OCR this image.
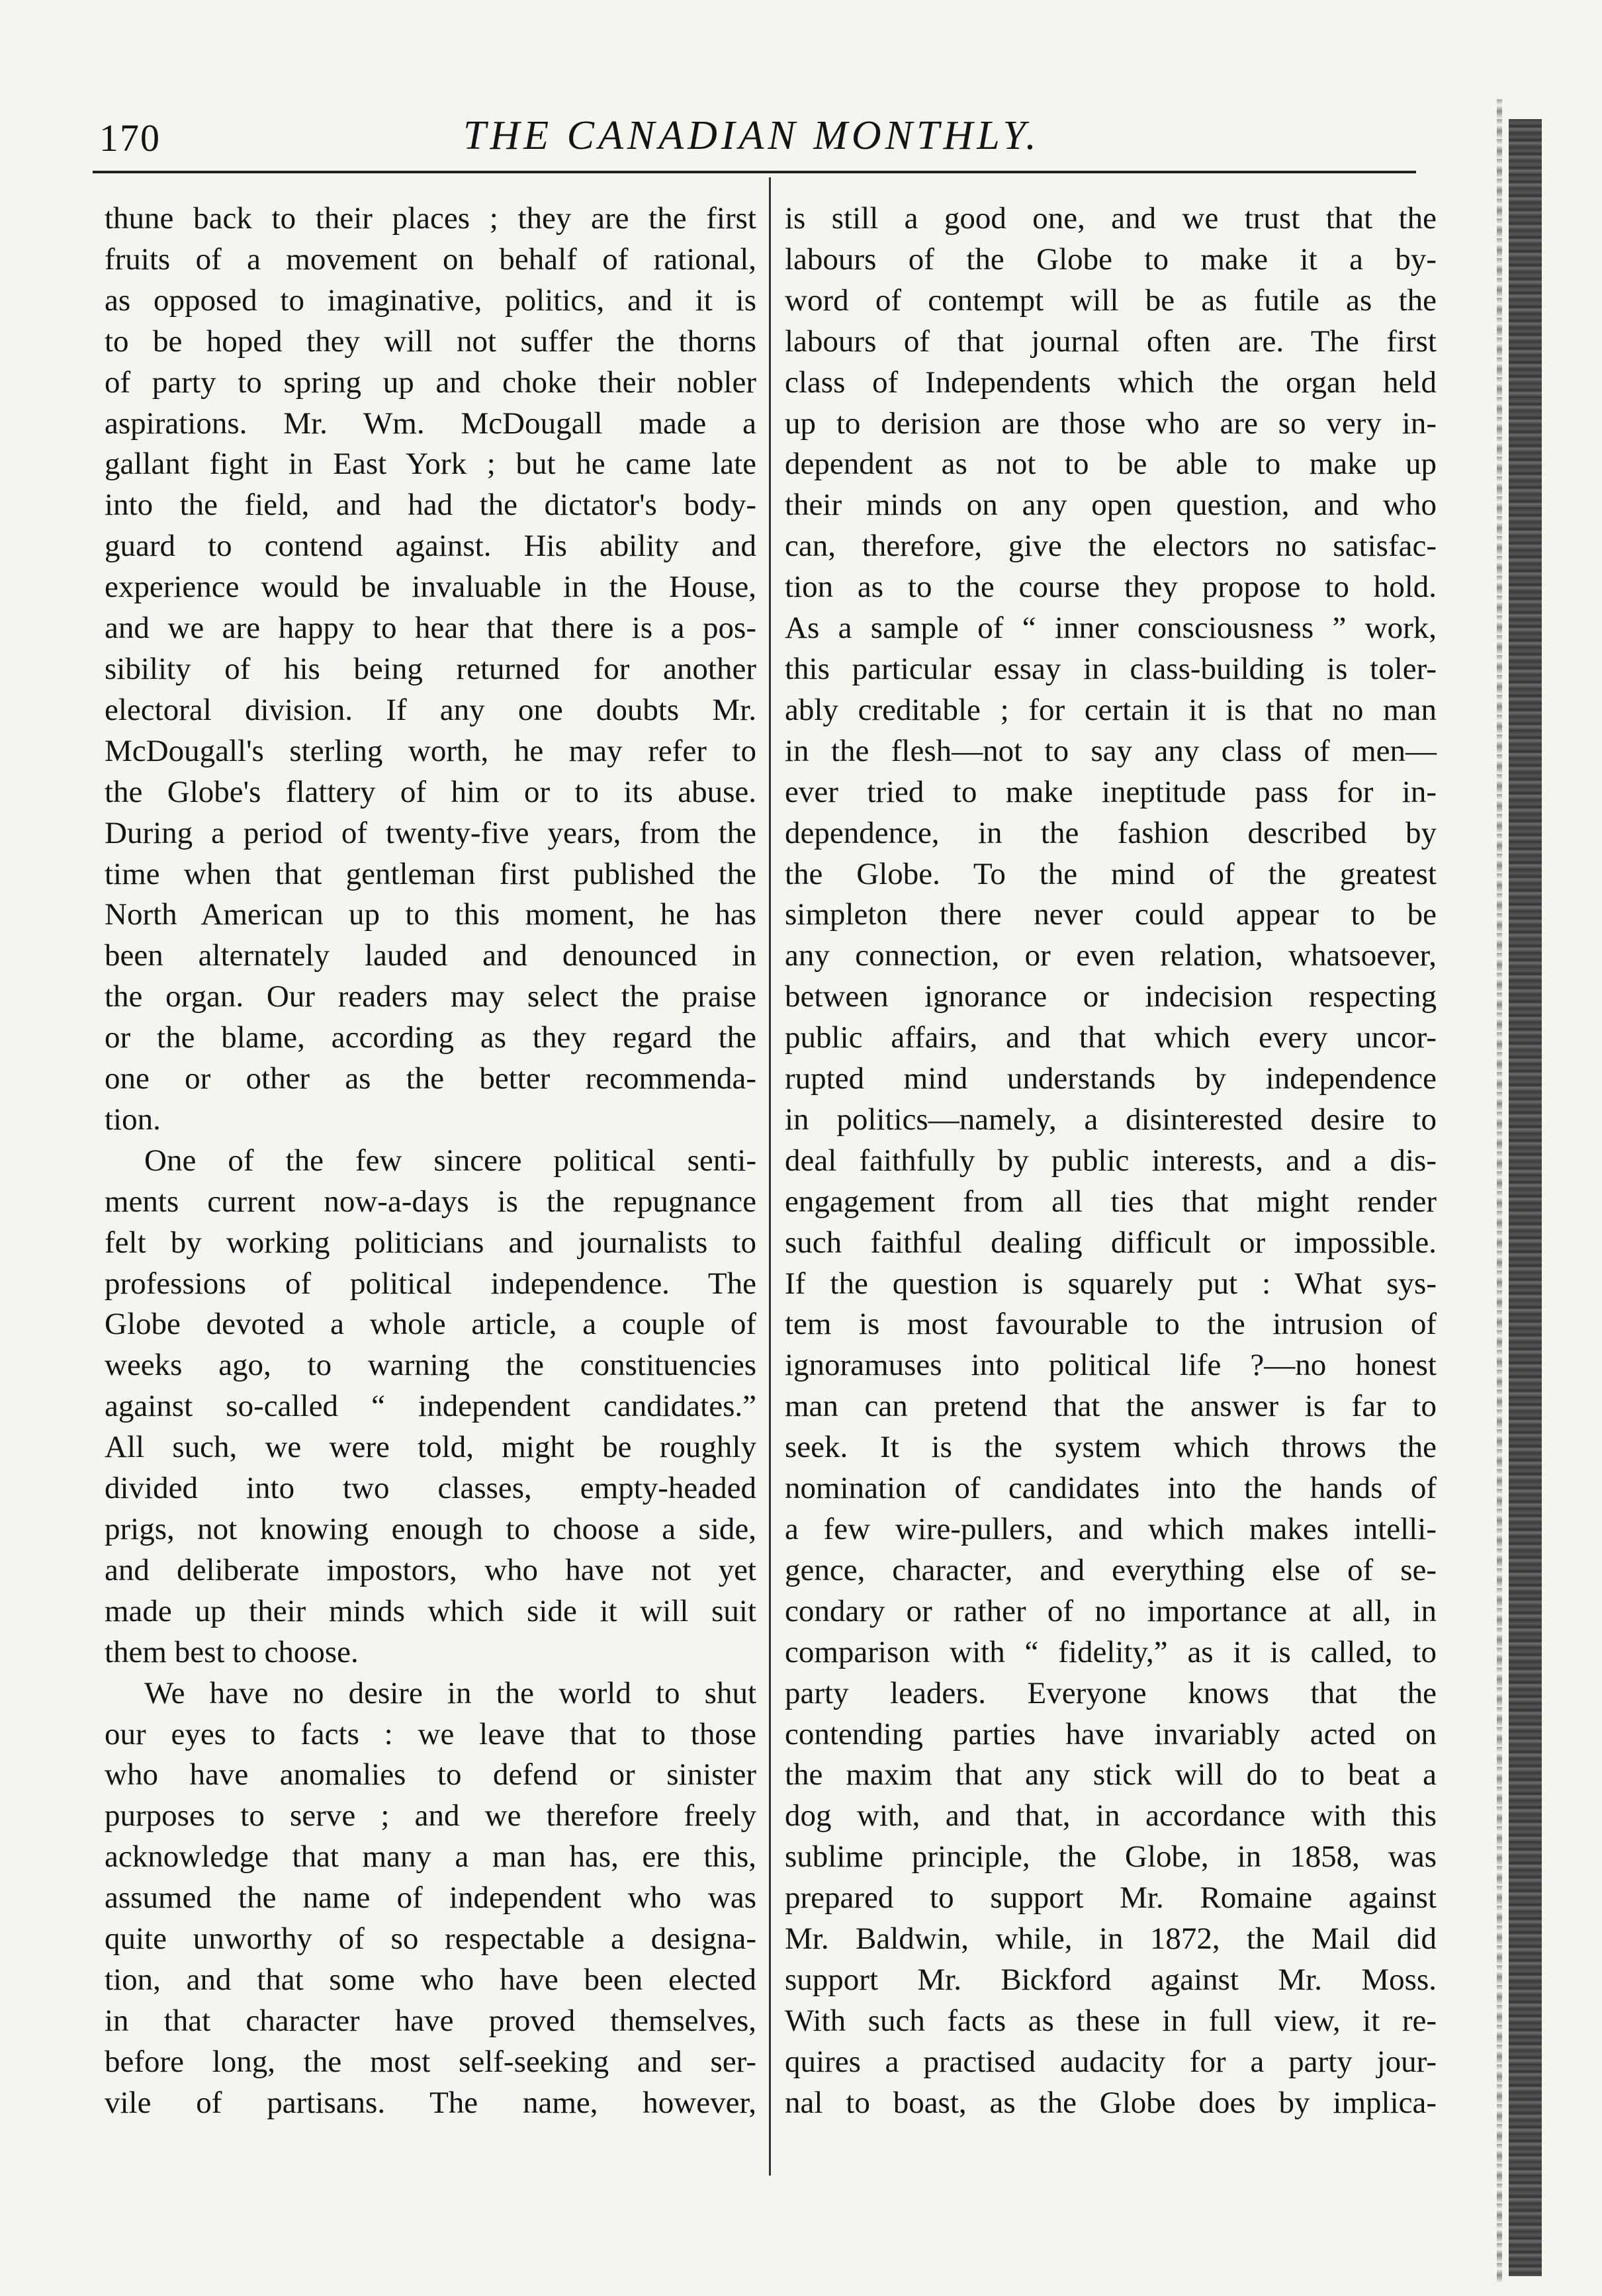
170	THE CANADIAN MONTHLY.

thune back to their places ; they are the first
fruits of a movement on behalf of rational,
as opposed to imaginative, politics, and it is
to be hoped they will not suffer the thorns
of party to spring up and choke their nobler
aspirations. Mr. Wm. McDougall made a
gallant fight in East York ; but he came late
into the field, and had the dictator's body-
guard to contend against. His ability and
experience would be invaluable in the House,
and we are happy to hear that there is a pos-
sibility of his being returned for another
electoral division. If any one doubts Mr.
McDougall's sterling worth, he may refer to
the Globe's flattery of him or to its abuse.
During a period of twenty-five years, from the
time when that gentleman first published the
North American up to this moment, he has
been alternately lauded and denounced in
the organ. Our readers may select the praise
or the blame, according as they regard the
one or other as the better recommenda-
tion.

One of the few sincere political senti-
ments current now-a-days is the repugnance
felt by working politicians and journalists to
professions of political independence. The
Globe devoted a whole article, a couple of
weeks ago, to warning the constituencies
against so-called “ independent candidates.”
All such, we were told, might be roughly
divided into two classes, empty-headed
prigs, not knowing enough to choose a side,
and deliberate impostors, who have not yet
made up their minds which side it will suit
them best to choose.

We have no desire in the world to shut
our eyes to facts : we leave that to those
who have anomalies to defend or sinister
purposes to serve ; and we therefore freely
acknowledge that many a man has, ere this,
assumed the name of independent who was
quite unworthy of so respectable a designa-
tion, and that some who have been elected
in that character have proved themselves,
before long, the most self-seeking and ser-
vile of partisans. The name, however,

is still a good one, and we trust that the
labours of the Globe to make it a by-
word of contempt will be as futile as the
labours of that journal often are. The first
class of Independents which the organ held
up to derision are those who are so very in-
dependent as not to be able to make up
their minds on any open question, and who
can, therefore, give the electors no satisfac-
tion as to the course they propose to hold.
As a sample of “ inner consciousness ” work,
this particular essay in class-building is toler-
ably creditable ; for certain it is that no man
in the flesh—not to say any class of men—
ever tried to make ineptitude pass for in-
dependence, in the fashion described by
the Globe. To the mind of the greatest
simpleton there never could appear to be
any connection, or even relation, whatsoever,
between ignorance or indecision respecting
public affairs, and that which every uncor-
rupted mind understands by independence
in politics—namely, a disinterested desire to
deal faithfully by public interests, and a dis-
engagement from all ties that might render
such faithful dealing difficult or impossible.
If the question is squarely put : What sys-
tem is most favourable to the intrusion of
ignoramuses into political life ?—no honest
man can pretend that the answer is far to
seek. It is the system which throws the
nomination of candidates into the hands of
a few wire-pullers, and which makes intelli-
gence, character, and everything else of se-
condary or rather of no importance at all, in
comparison with “ fidelity,” as it is called, to
party leaders. Everyone knows that the
contending parties have invariably acted on
the maxim that any stick will do to beat a
dog with, and that, in accordance with this
sublime principle, the Globe, in 1858, was
prepared to support Mr. Romaine against
Mr. Baldwin, while, in 1872, the Mail did
support Mr. Bickford against Mr. Moss.
With such facts as these in full view, it re-
quires a practised audacity for a party jour-
nal to boast, as the Globe does by implica-
